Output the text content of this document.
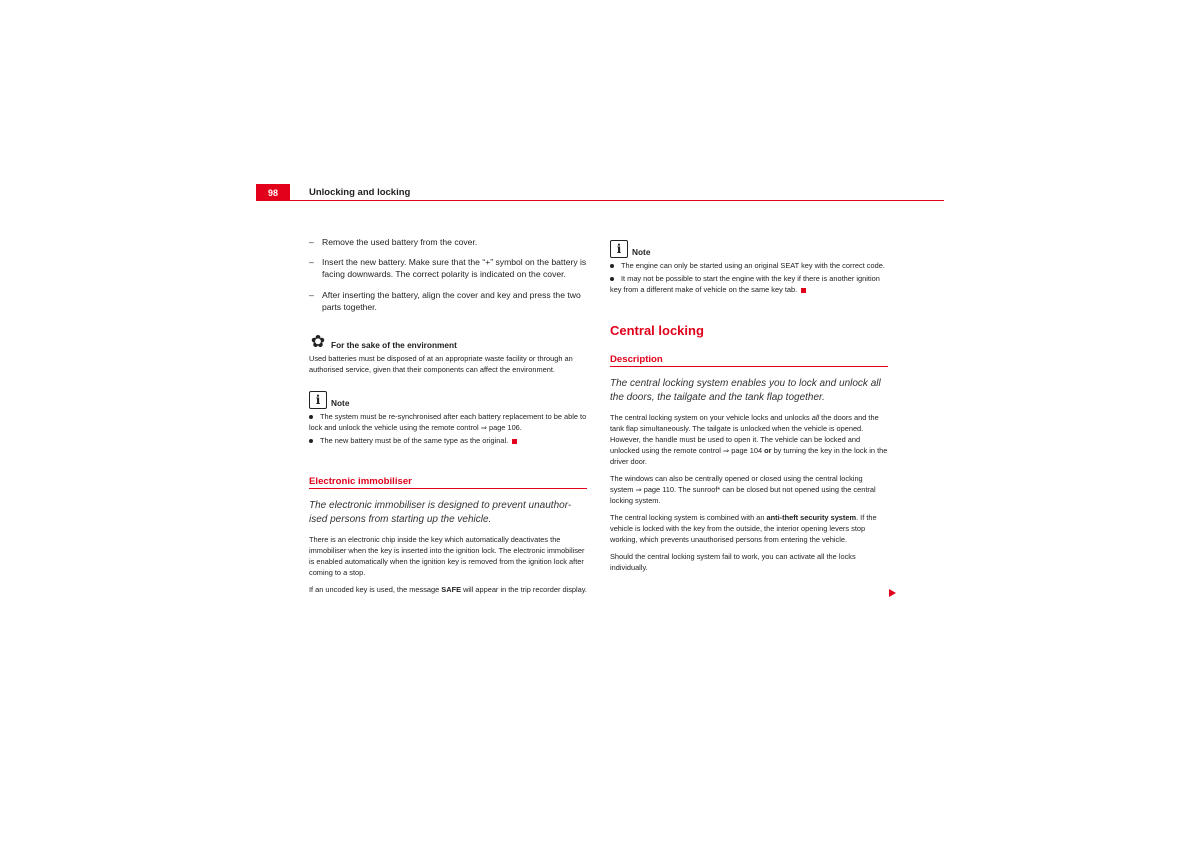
98	Unlocking and locking
– Remove the used battery from the cover.
– Insert the new battery. Make sure that the “+” symbol on the battery is facing downwards. The correct polarity is indicated on the cover.
– After inserting the battery, align the cover and key and press the two parts together.
✿ For the sake of the environment
Used batteries must be disposed of at an appropriate waste facility or through an authorised service, given that their components can affect the environment.
i	Note
The system must be re-synchronised after each battery replacement to be able to lock and unlock the vehicle using the remote control ⇒ page 106.
The new battery must be of the same type as the original.
Electronic immobiliser
The electronic immobiliser is designed to prevent unauthor-ised persons from starting up the vehicle.
There is an electronic chip inside the key which automatically deactivates the immobiliser when the key is inserted into the ignition lock. The electronic immobiliser is enabled automatically when the ignition key is removed from the ignition lock after coming to a stop.
If an uncoded key is used, the message SAFE will appear in the trip recorder display.
i	Note
The engine can only be started using an original SEAT key with the correct code.
It may not be possible to start the engine with the key if there is another ignition key from a different make of vehicle on the same key tab.
Central locking
Description
The central locking system enables you to lock and unlock all the doors, the tailgate and the tank flap together.
The central locking system on your vehicle locks and unlocks all the doors and the tank flap simultaneously. The tailgate is unlocked when the vehicle is opened. However, the handle must be used to open it. The vehicle can be locked and unlocked using the remote control ⇒ page 104 or by turning the key in the lock in the driver door.
The windows can also be centrally opened or closed using the central locking system ⇒ page 110. The sunroof* can be closed but not opened using the central locking system.
The central locking system is combined with an anti-theft security system. If the vehicle is locked with the key from the outside, the interior opening levers stop working, which prevents unauthorised persons from entering the vehicle.
Should the central locking system fail to work, you can activate all the locks individually.
